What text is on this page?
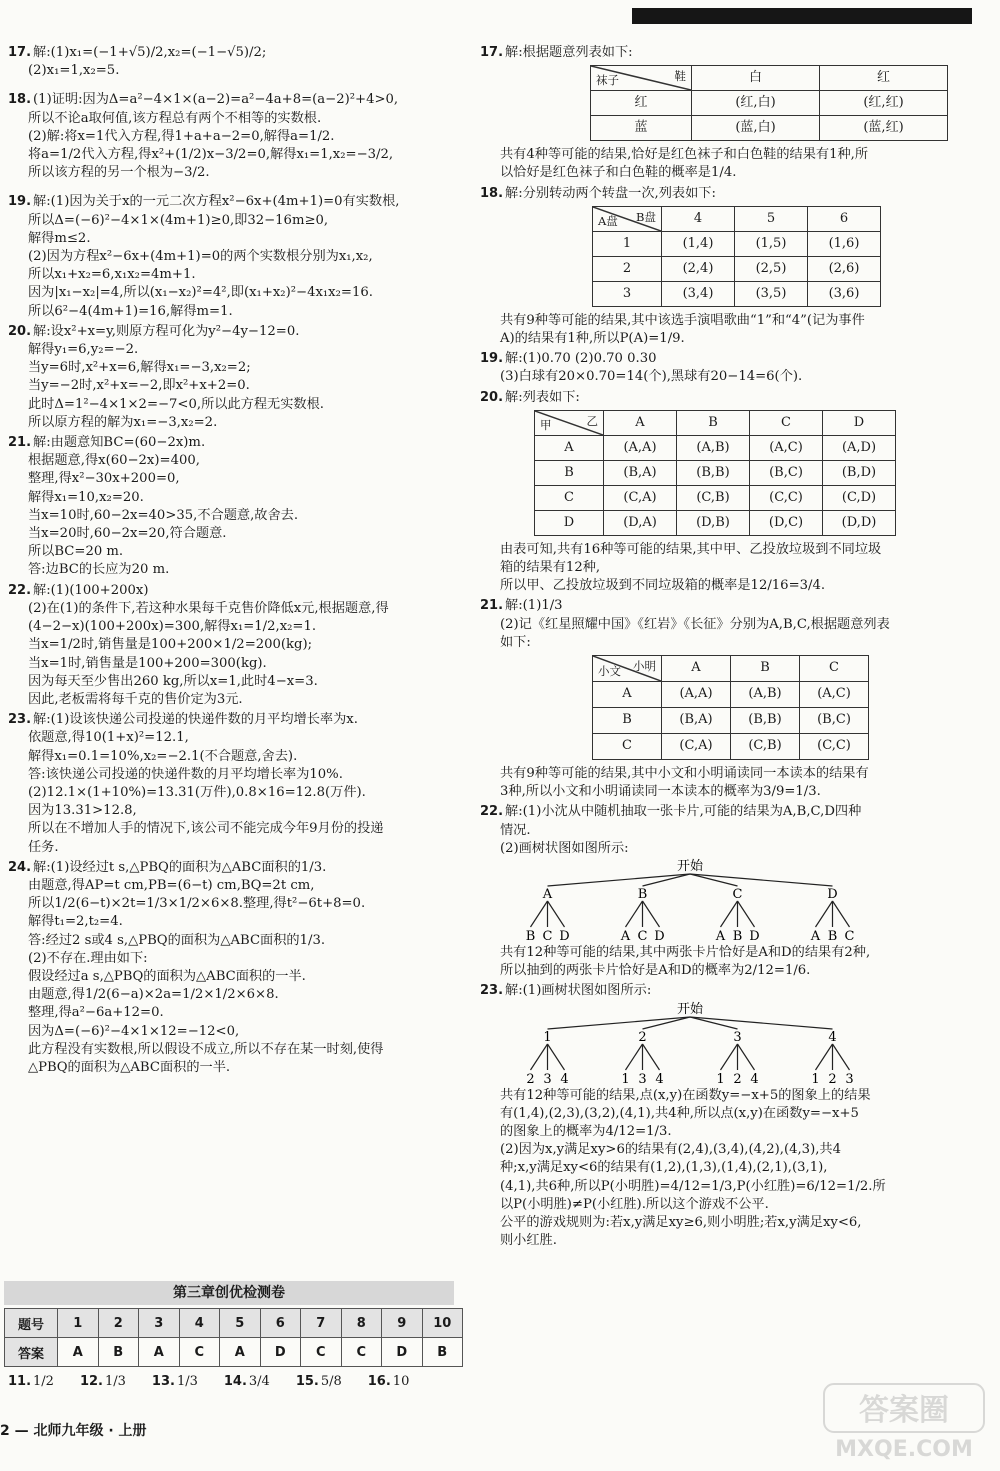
17. 解:(1)x₁=(−1+√5)/2,x₂=(−1−√5)/2;
(2)x₁=1,x₂=5.
18. (1)证明:因为Δ=a²−4×1×(a−2)=a²−4a+8=(a−2)²+4>0,
所以不论a取何值,该方程总有两个不相等的实数根.
(2)解:将x=1代入方程,得1+a+a−2=0,解得a=1/2.
将a=1/2代入方程,得x²+(1/2)x−3/2=0,解得x₁=1,x₂=−3/2,
所以该方程的另一个根为−3/2.
19. 解:(1)因为关于x的一元二次方程x²−6x+(4m+1)=0有实数根,
所以Δ=(−6)²−4×1×(4m+1)≥0,即32−16m≥0,
解得m≤2.
(2)因为方程x²−6x+(4m+1)=0的两个实数根分别为x₁,x₂,
所以x₁+x₂=6,x₁x₂=4m+1.
因为|x₁−x₂|=4,所以(x₁−x₂)²=4²,即(x₁+x₂)²−4x₁x₂=16.
所以6²−4(4m+1)=16,解得m=1.
20. 解:设x²+x=y,则原方程可化为y²−4y−12=0.
解得y₁=6,y₂=−2.
当y=6时,x²+x=6,解得x₁=−3,x₂=2;
当y=−2时,x²+x=−2,即x²+x+2=0.
此时Δ=1²−4×1×2=−7<0,所以此方程无实数根.
所以原方程的解为x₁=−3,x₂=2.
21. 解:由题意知BC=(60−2x)m.
根据题意,得x(60−2x)=400,
整理,得x²−30x+200=0,
解得x₁=10,x₂=20.
当x=10时,60−2x=40>35,不合题意,故舍去.
当x=20时,60−2x=20,符合题意.
所以BC=20 m.
答:边BC的长应为20 m.
22. 解:(1)(100+200x)
(2)在(1)的条件下,若这种水果每千克售价降低x元,根据题意,得
(4−2−x)(100+200x)=300,解得x₁=1/2,x₂=1.
当x=1/2时,销售量是100+200×1/2=200(kg);
当x=1时,销售量是100+200=300(kg).
因为每天至少售出260 kg,所以x=1,此时4−x=3.
因此,老板需将每千克的售价定为3元.
23. 解:(1)设该快递公司投递的快递件数的月平均增长率为x.
依题意,得10(1+x)²=12.1,
解得x₁=0.1=10%,x₂=−2.1(不合题意,舍去).
答:该快递公司投递的快递件数的月平均增长率为10%.
(2)12.1×(1+10%)=13.31(万件),0.8×16=12.8(万件).
因为13.31>12.8,
所以在不增加人手的情况下,该公司不能完成今年9月份的投递
任务.
24. 解:(1)设经过t s,△PBQ的面积为△ABC面积的1/3.
由题意,得AP=t cm,PB=(6−t) cm,BQ=2t cm,
所以1/2(6−t)×2t=1/3×1/2×6×8.整理,得t²−6t+8=0.
解得t₁=2,t₂=4.
答:经过2 s或4 s,△PBQ的面积为△ABC面积的1/3.
(2)不存在.理由如下:
假设经过a s,△PBQ的面积为△ABC面积的一半.
由题意,得1/2(6−a)×2a=1/2×1/2×6×8.
整理,得a²−6a+12=0.
因为Δ=(−6)²−4×1×12=−12<0,
此方程没有实数根,所以假设不成立,所以不存在某一时刻,使得
△PBQ的面积为△ABC面积的一半.
第三章创优检测卷
题号	1	2	3	4	5	6	7	8	9	10
答案	A	B	A	C	A	D	C	C	D	B
11. 1/2 12. 1/3 13. 1/3 14. 3/4 15. 5/8 16. 10
2 — 北师九年级 · 上册
17. 解:根据题意列表如下:
鞋
袜子	白	红
红	(红,白)	(红,红)
蓝	(蓝,白)	(蓝,红)
共有4种等可能的结果,恰好是红色袜子和白色鞋的结果有1种,所
以恰好是红色袜子和白色鞋的概率是1/4.
18. 解:分别转动两个转盘一次,列表如下:
B盘
A盘	4	5	6
1	(1,4)	(1,5)	(1,6)
2	(2,4)	(2,5)	(2,6)
3	(3,4)	(3,5)	(3,6)
共有9种等可能的结果,其中该选手演唱歌曲“1”和“4”(记为事件
A)的结果有1种,所以P(A)=1/9.
19. 解:(1)0.70 (2)0.70 0.30
(3)白球有20×0.70=14(个),黑球有20−14=6(个).
20. 解:列表如下:
乙
甲	A	B	C	D
A	(A,A)	(A,B)	(A,C)	(A,D)
B	(B,A)	(B,B)	(B,C)	(B,D)
C	(C,A)	(C,B)	(C,C)	(C,D)
D	(D,A)	(D,B)	(D,C)	(D,D)
由表可知,共有16种等可能的结果,其中甲、乙投放垃圾到不同垃圾
箱的结果有12种,
所以甲、乙投放垃圾到不同垃圾箱的概率是12/16=3/4.
21. 解:(1)1/3
(2)记《红星照耀中国》《红岩》《长征》分别为A,B,C,根据题意列表
如下:
小明
小文	A	B	C
A	(A,A)	(A,B)	(A,C)
B	(B,A)	(B,B)	(B,C)
C	(C,A)	(C,B)	(C,C)
共有9种等可能的结果,其中小文和小明诵读同一本读本的结果有
3种,所以小文和小明诵读同一本读本的概率为3/9=1/3.
22. 解:(1)小沈从中随机抽取一张卡片,可能的结果为A,B,C,D四种
情况.
(2)画树状图如图所示:
开始
A
B C D
B
A C D
C
A B D
D
A B C
共有12种等可能的结果,其中两张卡片恰好是A和D的结果有2种,
所以抽到的两张卡片恰好是A和D的概率为2/12=1/6.
23. 解:(1)画树状图如图所示:
开始
1
2 3 4
2
1 3 4
3
1 2 4
4
1 2 3
共有12种等可能的结果,点(x,y)在函数y=−x+5的图象上的结果
有(1,4),(2,3),(3,2),(4,1),共4种,所以点(x,y)在函数y=−x+5
的图象上的概率为4/12=1/3.
(2)因为x,y满足xy>6的结果有(2,4),(3,4),(4,2),(4,3),共4
种;x,y满足xy<6的结果有(1,2),(1,3),(1,4),(2,1),(3,1),
(4,1),共6种,所以P(小明胜)=4/12=1/3,P(小红胜)=6/12=1/2.所
以P(小明胜)≠P(小红胜).所以这个游戏不公平.
公平的游戏规则为:若x,y满足xy≥6,则小明胜;若x,y满足xy<6,
则小红胜.
答案圈
MXQE.COM
